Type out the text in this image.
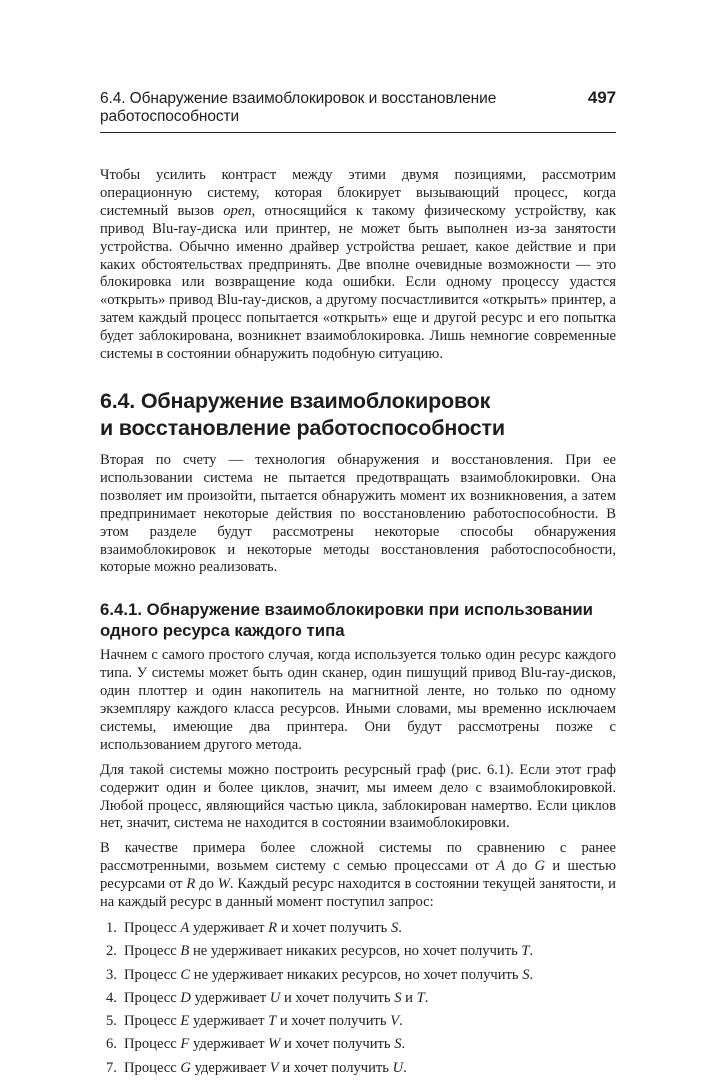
6.4. Обнаружение взаимоблокировок и восстановление работоспособности
497

Чтобы усилить контраст между этими двумя позициями, рассмотрим операционную систему, которая блокирует вызывающий процесс, когда системный вызов open, относящийся к такому физическому устройству, как привод Blu-ray-диска или принтер, не может быть выполнен из-за занятости устройства. Обычно именно драйвер устройства решает, какое действие и при каких обстоятельствах предпринять. Две вполне очевидные возможности — это блокировка или возвращение кода ошибки. Если одному процессу удастся «открыть» привод Blu-ray-дисков, а другому посчастливится «открыть» принтер, а затем каждый процесс попытается «открыть» еще и другой ресурс и его попытка будет заблокирована, возникнет взаимоблокировка. Лишь немногие современные системы в состоянии обнаружить подобную ситуацию.

6.4. Обнаружение взаимоблокировок
и восстановление работоспособности

Вторая по счету — технология обнаружения и восстановления. При ее использовании система не пытается предотвращать взаимоблокировки. Она позволяет им произойти, пытается обнаружить момент их возникновения, а затем предпринимает некоторые действия по восстановлению работоспособности. В этом разделе будут рассмотрены некоторые способы обнаружения взаимоблокировок и некоторые методы восстановления работоспособности, которые можно реализовать.

6.4.1. Обнаружение взаимоблокировки при использовании
одного ресурса каждого типа

Начнем с самого простого случая, когда используется только один ресурс каждого типа. У системы может быть один сканер, один пишущий привод Blu-ray-дисков, один плоттер и один накопитель на магнитной ленте, но только по одному экземпляру каждого класса ресурсов. Иными словами, мы временно исключаем системы, имеющие два принтера. Они будут рассмотрены позже с использованием другого метода.

Для такой системы можно построить ресурсный граф (рис. 6.1). Если этот граф содержит один и более циклов, значит, мы имеем дело с взаимоблокировкой. Любой процесс, являющийся частью цикла, заблокирован намертво. Если циклов нет, значит, система не находится в состоянии взаимоблокировки.

В качестве примера более сложной системы по сравнению с ранее рассмотренными, возьмем систему с семью процессами от A до G и шестью ресурсами от R до W. Каждый ресурс находится в состоянии текущей занятости, и на каждый ресурс в данный момент поступил запрос:

1. Процесс A удерживает R и хочет получить S.
2. Процесс B не удерживает никаких ресурсов, но хочет получить T.
3. Процесс C не удерживает никаких ресурсов, но хочет получить S.
4. Процесс D удерживает U и хочет получить S и T.
5. Процесс E удерживает T и хочет получить V.
6. Процесс F удерживает W и хочет получить S.
7. Процесс G удерживает V и хочет получить U.
